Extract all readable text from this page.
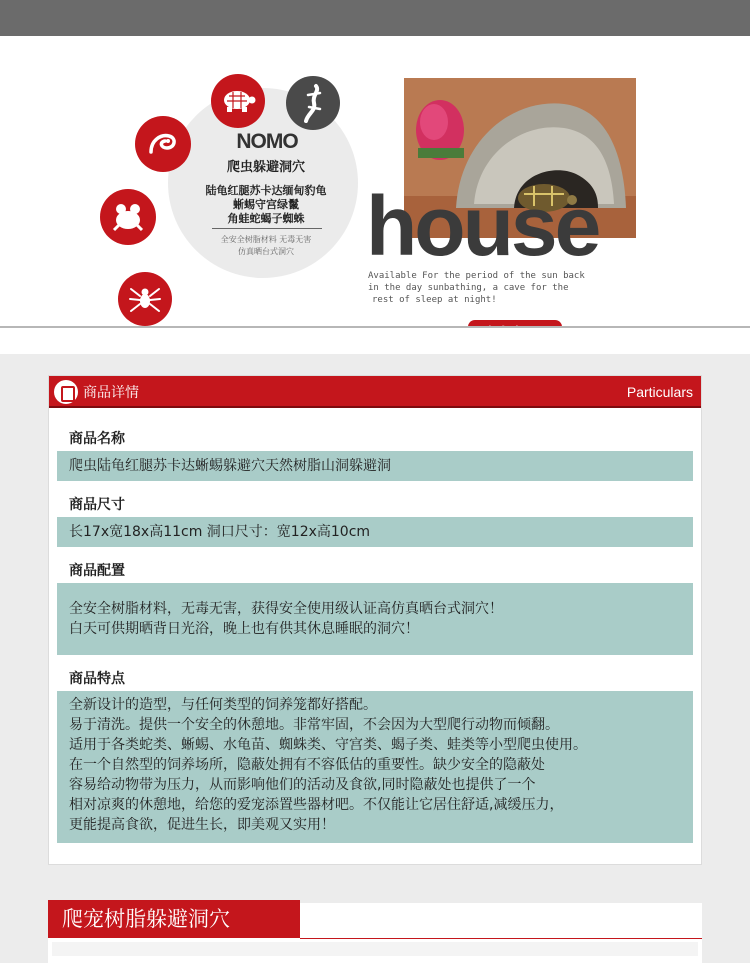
NOMO
爬虫躲避洞穴
陆龟红腿苏卡达缅甸豹龟
蜥蜴守宫绿鬣
角蛙蛇蝎子蜘蛛
全安全树脂材料 无毒无害
仿真晒台式洞穴 house
Available For the period of the sun back
in the day sunbathing, a cave for the
rest of sleep at night!
商品详情	Particulars
商品名称
爬虫陆龟红腿苏卡达蜥蜴躲避穴天然树脂山洞躲避洞
商品尺寸
长17x宽18x高11cm 洞口尺寸：宽12x高10cm
商品配置
全安全树脂材料，无毒无害，获得安全使用级认证高仿真晒台式洞穴！
白天可供期晒背日光浴，晚上也有供其休息睡眠的洞穴！
商品特点
全新设计的造型，与任何类型的饲养笼都好搭配。
易于清洗。提供一个安全的休憩地。非常牢固，不会因为大型爬行动物而倾翻。
适用于各类蛇类、蜥蜴、水龟苗、蜘蛛类、守宫类、蝎子类、蛙类等小型爬虫使用。
在一个自然型的饲养场所，隐蔽处拥有不容低估的重要性。缺少安全的隐蔽处
容易给动物带为压力，从而影响他们的活动及食欲,同时隐蔽处也提供了一个
相对凉爽的休憩地，给您的爱宠添置些器材吧。不仅能让它居住舒适,减缓压力，
更能提高食欲，促进生长，即美观又实用！
爬宠树脂躲避洞穴
